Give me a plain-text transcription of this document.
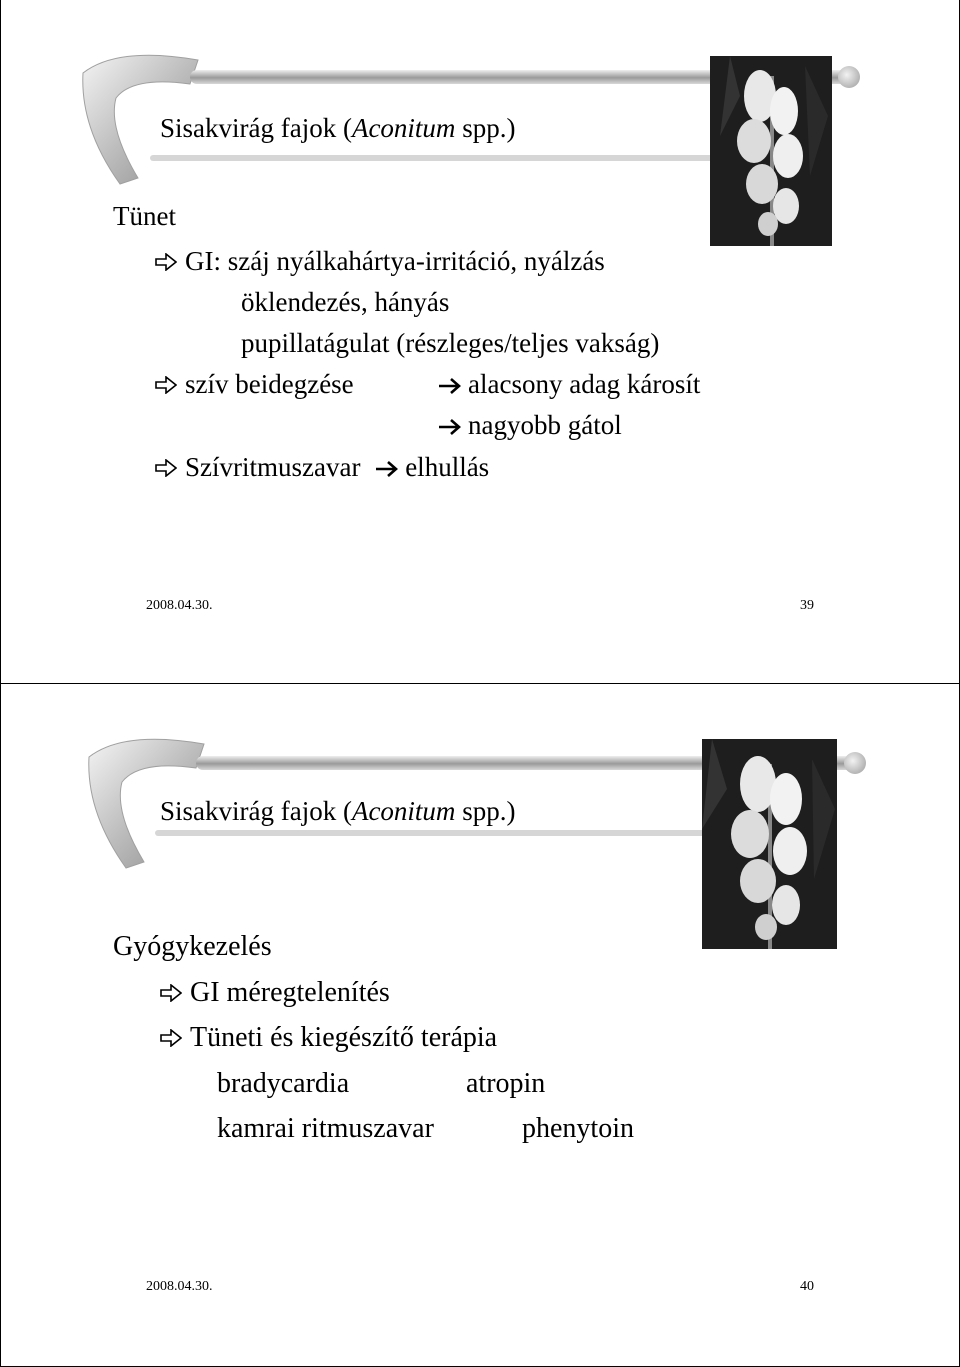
Sisakvirág fajok (Aconitum spp.)
Tünet
GI: száj nyálkahártya-irritáció, nyálzás
öklendezés, hányás
pupillatágulat (részleges/teljes vakság)
szív beidegzése	alacsony adag károsít
nagyobb gátol
Szívritmuszavar elhullás
2008.04.30.	39
Sisakvirág fajok (Aconitum spp.)
Gyógykezelés
GI méregtelenítés
Tüneti és kiegészítő terápia
bradycardia	atropin
kamrai ritmuszavar	phenytoin
2008.04.30.	40
